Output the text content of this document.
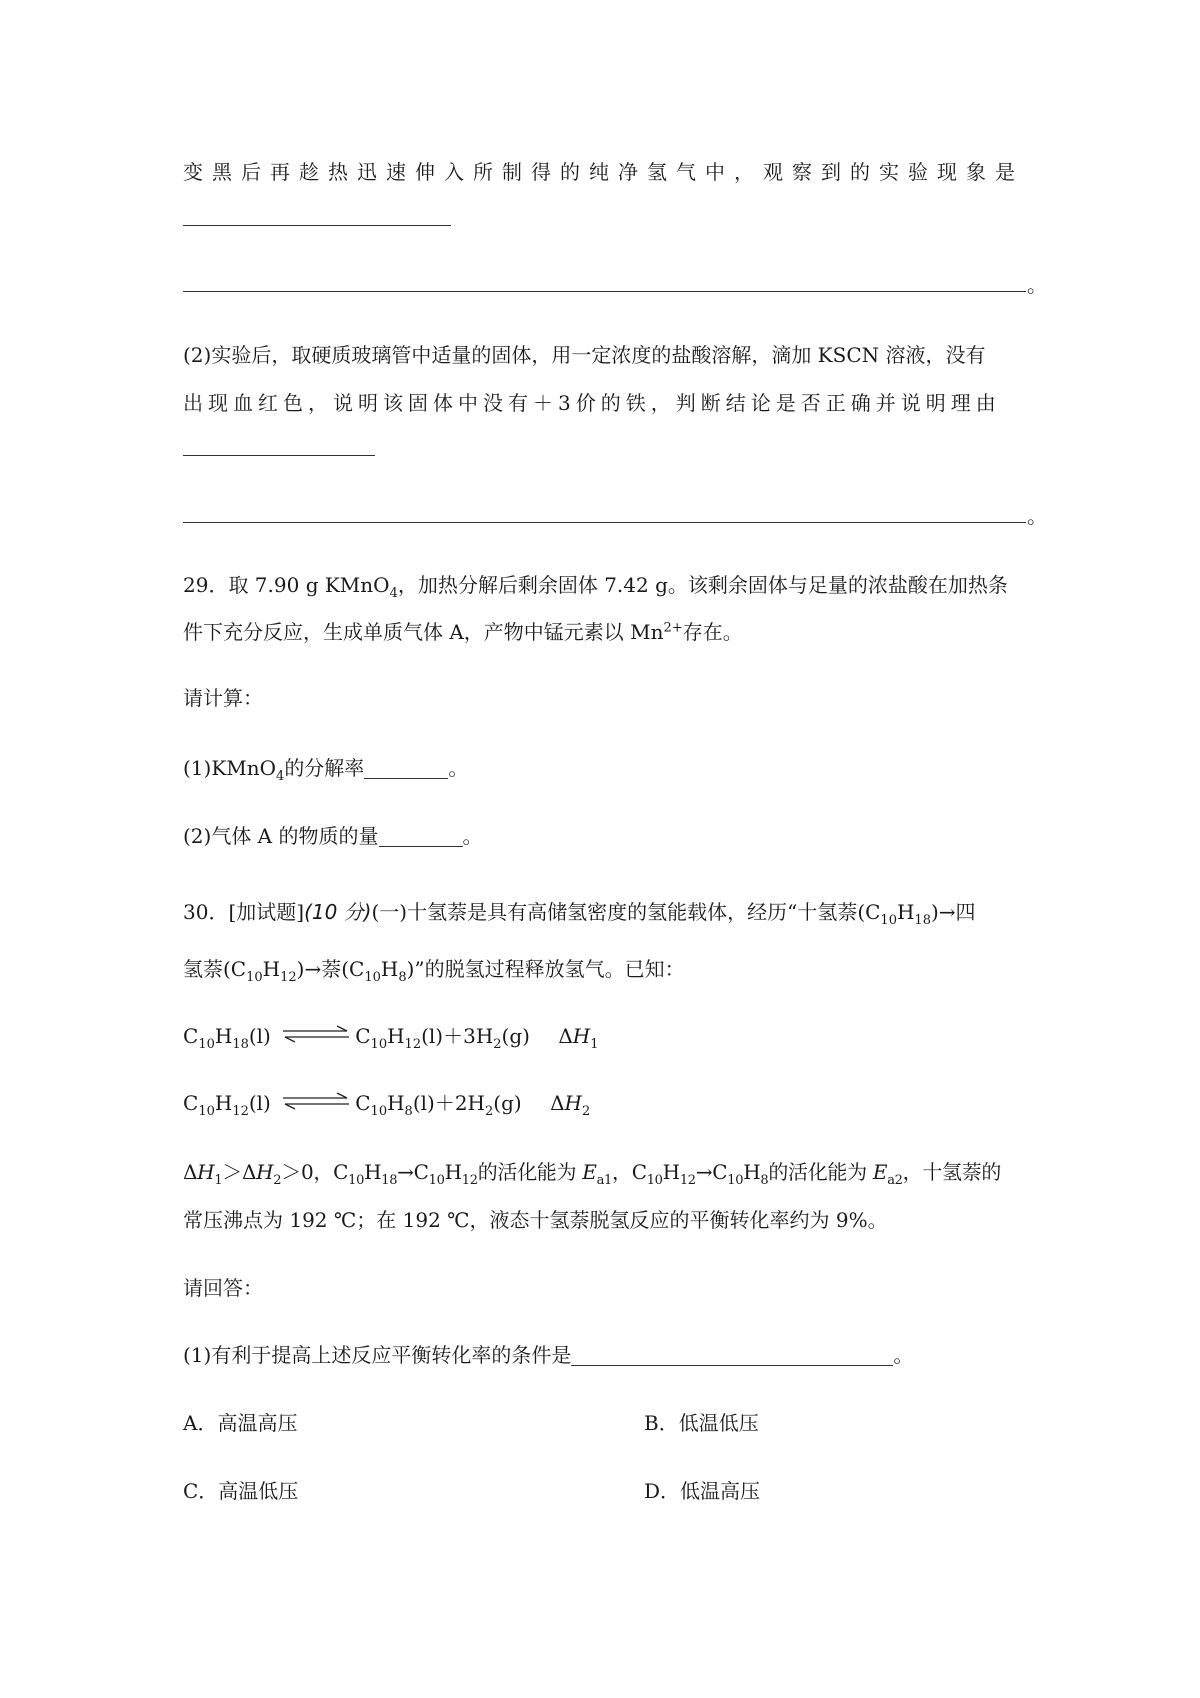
变黑后再趁热迅速伸入所制得的纯净氢气中，观察到的实验现象是
。
(2)实验后，取硬质玻璃管中适量的固体，用一定浓度的盐酸溶解，滴加 KSCN 溶液，没有
出现血红色，说明该固体中没有＋3价的铁，判断结论是否正确并说明理由
。
29．取 7.90 g KMnO$_4$，加热分解后剩余固体 7.42 g。该剩余固体与足量的浓盐酸在加热条
件下充分反应，生成单质气体 A，产物中锰元素以 $Mn^{2+}$存在。
请计算：
(1)KMnO$_4$的分解率	。
(2)气体 A 的物质的量	。
30．[加试题](10 分)(一)十氢萘是具有高储氢密度的氢能载体，经历“十氢萘$(C_{10}H_{18})\to$四
氢萘$(C_{10}H_{12})\to$萘$(C_{10}H_8)$”的脱氢过程释放氢气。已知：
$C_{10}H_{18}(l)$ ⇌ $C_{10}H_{12}(l)+3H_2(g)$ $\Delta H_1$
$C_{10}H_{12}(l)$ ⇌ $C_{10}H_8(l)+2H_2(g)$ $\Delta H_2$
$\Delta H_1>\Delta H_2>0$，$C_{10}H_{18}\to C_{10}H_{12}$的活化能为 $E_{a1}$，$C_{10}H_{12}\to C_{10}H_8$的活化能为 $E_{a2}$，十氢萘的
常压沸点为 192 ℃；在 192 ℃，液态十氢萘脱氢反应的平衡转化率约为 9%。
请回答：
(1)有利于提高上述反应平衡转化率的条件是	。
A．高温高压	B．低温低压
C．高温低压	D．低温高压
